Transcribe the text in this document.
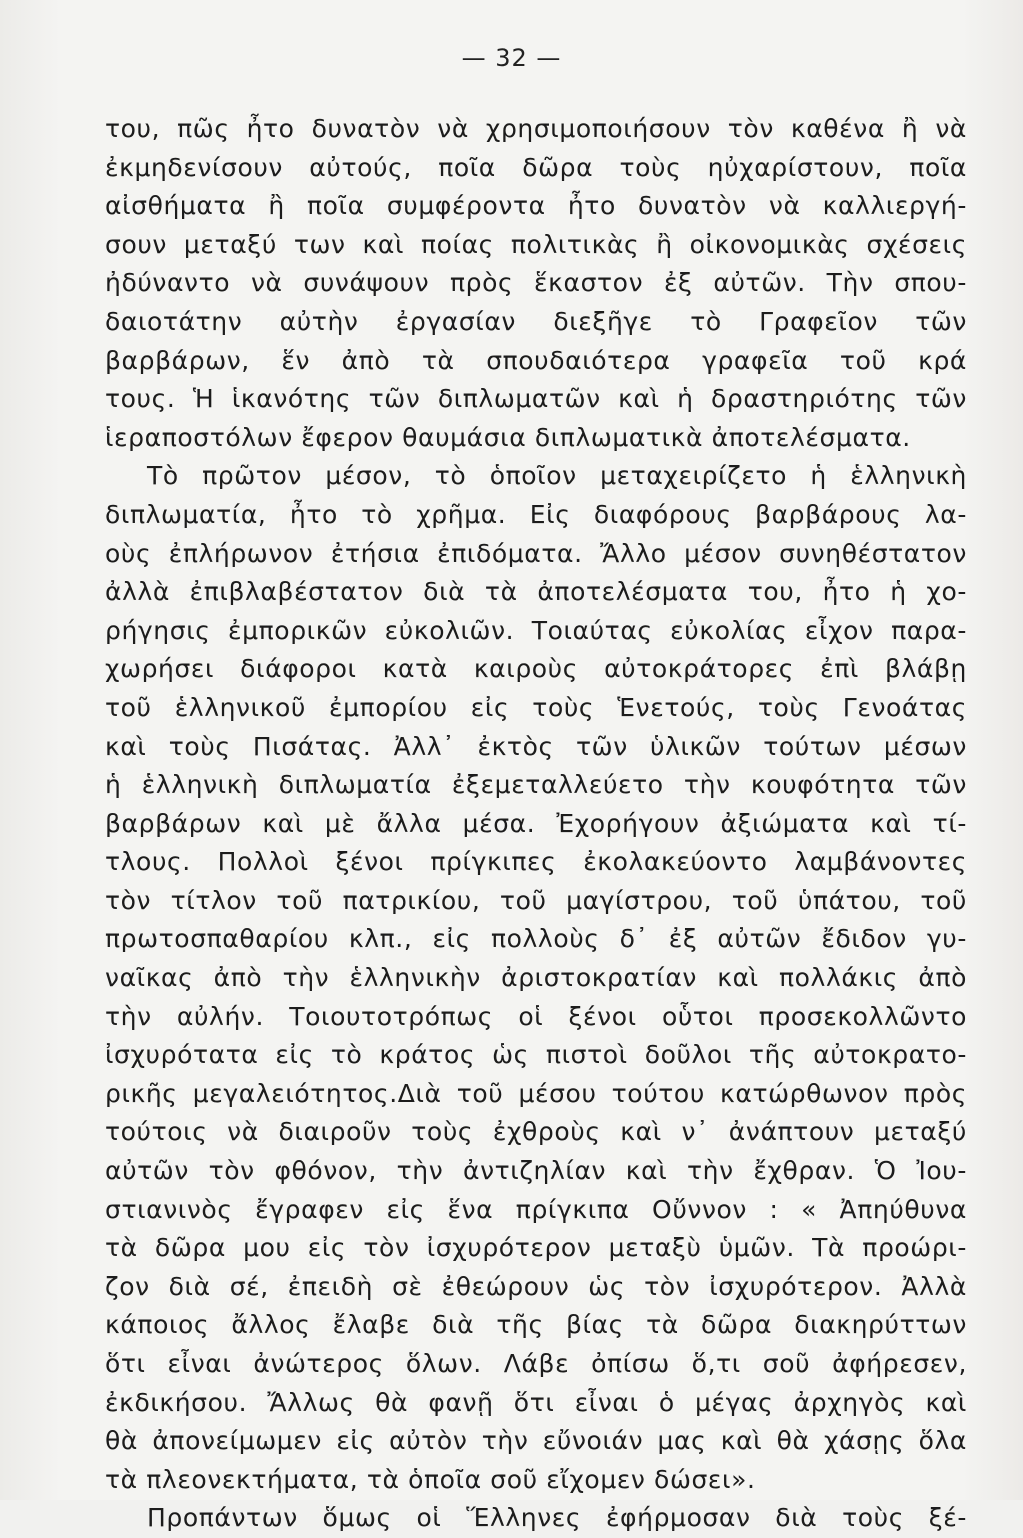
— 32 —
του, πῶς ἦτο δυνατὸν νὰ χρησιμοποιήσουν τὸν καθένα ἢ νὰ
ἐκμηδενίσουν αὐτούς, ποῖα δῶρα τοὺς ηὐχαρίστουν, ποῖα
αἰσθήματα ἢ ποῖα συμφέροντα ἦτο δυνατὸν νὰ καλλιεργή-
σουν μεταξύ των καὶ ποίας πολιτικὰς ἢ οἰκονομικὰς σχέσεις
ἠδύναντο νὰ συνάψουν πρὸς ἕκαστον ἐξ αὐτῶν. Τὴν σπου-
δαιοτάτην αὐτὴν ἐργασίαν διεξῆγε τὸ Γραφεῖον τῶν
βαρβάρων, ἕν ἀπὸ τὰ σπουδαιότερα γραφεῖα τοῦ κρά
τους. Ἡ ἱκανότης τῶν διπλωματῶν καὶ ἡ δραστηριότης τῶν
ἱεραποστόλων ἔφερον θαυμάσια διπλωματικὰ ἀποτελέσματα.
Τὸ πρῶτον μέσον, τὸ ὁποῖον μεταχειρίζετο ἡ ἑλληνικὴ
διπλωματία, ἦτο τὸ χρῆμα. Εἰς διαφόρους βαρβάρους λα-
οὺς ἐπλήρωνον ἐτήσια ἐπιδόματα. Ἄλλο μέσον συνηθέστατον
ἀλλὰ ἐπιβλαβέστατον διὰ τὰ ἀποτελέσματα του, ἦτο ἡ χο-
ρήγησις ἐμπορικῶν εὐκολιῶν. Τοιαύτας εὐκολίας εἶχον παρα-
χωρήσει διάφοροι κατὰ καιροὺς αὐτοκράτορες ἐπὶ βλάβῃ
τοῦ ἑλληνικοῦ ἐμπορίου εἰς τοὺς Ἑνετούς, τοὺς Γενοάτας
καὶ τοὺς Πισάτας. Ἀλλ᾿ ἐκτὸς τῶν ὑλικῶν τούτων μέσων
ἡ ἑλληνικὴ διπλωματία ἐξεμεταλλεύετο τὴν κουφότητα τῶν
βαρβάρων καὶ μὲ ἄλλα μέσα. Ἐχορήγουν ἀξιώματα καὶ τί-
τλους. Πολλοὶ ξένοι πρίγκιπες ἐκολακεύοντο λαμβάνοντες
τὸν τίτλον τοῦ πατρικίου, τοῦ μαγίστρου, τοῦ ὑπάτου, τοῦ
πρωτοσπαθαρίου κλπ., εἰς πολλοὺς δ᾿ ἐξ αὐτῶν ἔδιδον γυ-
ναῖκας ἀπὸ τὴν ἑλληνικὴν ἀριστοκρατίαν καὶ πολλάκις ἀπὸ
τὴν αὐλήν. Τοιουτοτρόπως οἱ ξένοι οὗτοι προσεκολλῶντο
ἰσχυρότατα εἰς τὸ κράτος ὡς πιστοὶ δοῦλοι τῆς αὐτοκρατο-
ρικῆς μεγαλειότητος.Διὰ τοῦ μέσου τούτου κατώρθωνον πρὸς
τούτοις νὰ διαιροῦν τοὺς ἐχθροὺς καὶ ν᾿ ἀνάπτουν μεταξύ
αὐτῶν τὸν φθόνον, τὴν ἀντιζηλίαν καὶ τὴν ἔχθραν. Ὁ Ἰου-
στιανινὸς ἔγραφεν εἰς ἕνα πρίγκιπα Οὔννον : « Ἀπηύθυνα
τὰ δῶρα μου εἰς τὸν ἰσχυρότερον μεταξὺ ὑμῶν. Τὰ προώρι-
ζον διὰ σέ, ἐπειδὴ σὲ ἐθεώρουν ὡς τὸν ἰσχυρότερον. Ἀλλὰ
κάποιος ἄλλος ἔλαβε διὰ τῆς βίας τὰ δῶρα διακηρύττων
ὅτι εἶναι ἀνώτερος ὅλων. Λάβε ὀπίσω ὅ,τι σοῦ ἀφήρεσεν,
ἐκδικήσου. Ἄλλως θὰ φανῇ ὅτι εἶναι ὁ μέγας ἀρχηγὸς καὶ
θὰ ἀπονείμωμεν εἰς αὐτὸν τὴν εὔνοιάν μας καὶ θὰ χάσῃς ὅλα
τὰ πλεονεκτήματα, τὰ ὁποῖα σοῦ εἴχομεν δώσει».
Προπάντων ὅμως οἱ Ἕλληνες ἐφήρμοσαν διὰ τοὺς ξέ-
